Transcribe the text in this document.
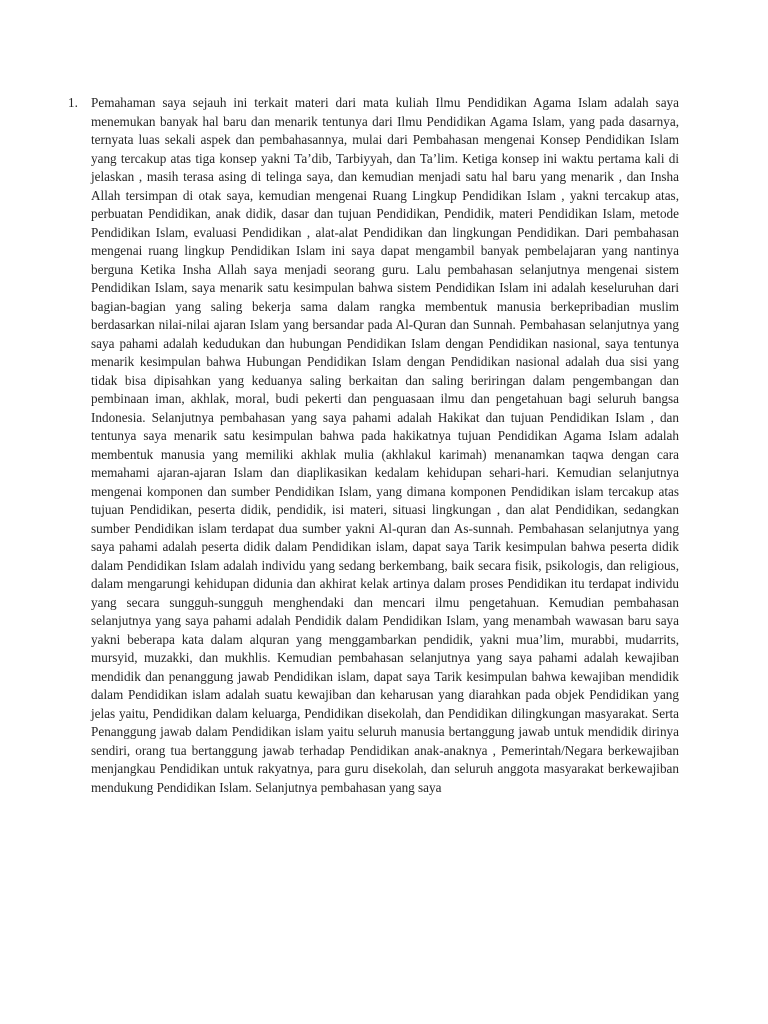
1. Pemahaman saya sejauh ini terkait materi dari mata kuliah Ilmu Pendidikan Agama Islam adalah saya menemukan banyak hal baru dan menarik tentunya dari Ilmu Pendidikan Agama Islam, yang pada dasarnya, ternyata luas sekali aspek dan pembahasannya, mulai dari Pembahasan mengenai Konsep Pendidikan Islam yang tercakup atas tiga konsep yakni Ta’dib, Tarbiyyah, dan Ta’lim. Ketiga konsep ini waktu pertama kali di jelaskan , masih terasa asing di telinga saya, dan kemudian menjadi satu hal baru yang menarik , dan Insha Allah tersimpan di otak saya, kemudian mengenai Ruang Lingkup Pendidikan Islam , yakni tercakup atas, perbuatan Pendidikan, anak didik, dasar dan tujuan Pendidikan, Pendidik, materi Pendidikan Islam, metode Pendidikan Islam, evaluasi Pendidikan , alat-alat Pendidikan dan lingkungan Pendidikan. Dari pembahasan mengenai ruang lingkup Pendidikan Islam ini saya dapat mengambil banyak pembelajaran yang nantinya berguna Ketika Insha Allah saya menjadi seorang guru. Lalu pembahasan selanjutnya mengenai sistem Pendidikan Islam, saya menarik satu kesimpulan bahwa sistem Pendidikan Islam ini adalah keseluruhan dari bagian-bagian yang saling bekerja sama dalam rangka membentuk manusia berkepribadian muslim berdasarkan nilai-nilai ajaran Islam yang bersandar pada Al-Quran dan Sunnah. Pembahasan selanjutnya yang saya pahami adalah kedudukan dan hubungan Pendidikan Islam dengan Pendidikan nasional, saya tentunya menarik kesimpulan bahwa Hubungan Pendidikan Islam dengan Pendidikan nasional adalah dua sisi yang tidak bisa dipisahkan yang keduanya saling berkaitan dan saling beriringan dalam pengembangan dan pembinaan iman, akhlak, moral, budi pekerti dan penguasaan ilmu dan pengetahuan bagi seluruh bangsa Indonesia. Selanjutnya pembahasan yang saya pahami adalah Hakikat dan tujuan Pendidikan Islam , dan tentunya saya menarik satu kesimpulan bahwa pada hakikatnya tujuan Pendidikan Agama Islam adalah membentuk manusia yang memiliki akhlak mulia (akhlakul karimah) menanamkan taqwa dengan cara memahami ajaran-ajaran Islam dan diaplikasikan kedalam kehidupan sehari-hari. Kemudian selanjutnya mengenai komponen dan sumber Pendidikan Islam, yang dimana komponen Pendidikan islam tercakup atas tujuan Pendidikan, peserta didik, pendidik, isi materi, situasi lingkungan , dan alat Pendidikan, sedangkan sumber Pendidikan islam terdapat dua sumber yakni Al-quran dan As-sunnah. Pembahasan selanjutnya yang saya pahami adalah peserta didik dalam Pendidikan islam, dapat saya Tarik kesimpulan bahwa peserta didik dalam Pendidikan Islam adalah individu yang sedang berkembang, baik secara fisik, psikologis, dan religious, dalam mengarungi kehidupan didunia dan akhirat kelak artinya dalam proses Pendidikan itu terdapat individu yang secara sungguh-sungguh menghendaki dan mencari ilmu pengetahuan. Kemudian pembahasan selanjutnya yang saya pahami adalah Pendidik dalam Pendidikan Islam, yang menambah wawasan baru saya yakni beberapa kata dalam alquran yang menggambarkan pendidik, yakni mua’lim, murabbi, mudarrits, mursyid, muzakki, dan mukhlis. Kemudian pembahasan selanjutnya yang saya pahami adalah kewajiban mendidik dan penanggung jawab Pendidikan islam, dapat saya Tarik kesimpulan bahwa kewajiban mendidik dalam Pendidikan islam adalah suatu kewajiban dan keharusan yang diarahkan pada objek Pendidikan yang jelas yaitu, Pendidikan dalam keluarga, Pendidikan disekolah, dan Pendidikan dilingkungan masyarakat. Serta Penanggung jawab dalam Pendidikan islam yaitu seluruh manusia bertanggung jawab untuk mendidik dirinya sendiri, orang tua bertanggung jawab terhadap Pendidikan anak-anaknya , Pemerintah/Negara berkewajiban menjangkau Pendidikan untuk rakyatnya, para guru disekolah, dan seluruh anggota masyarakat berkewajiban mendukung Pendidikan Islam. Selanjutnya pembahasan yang saya
